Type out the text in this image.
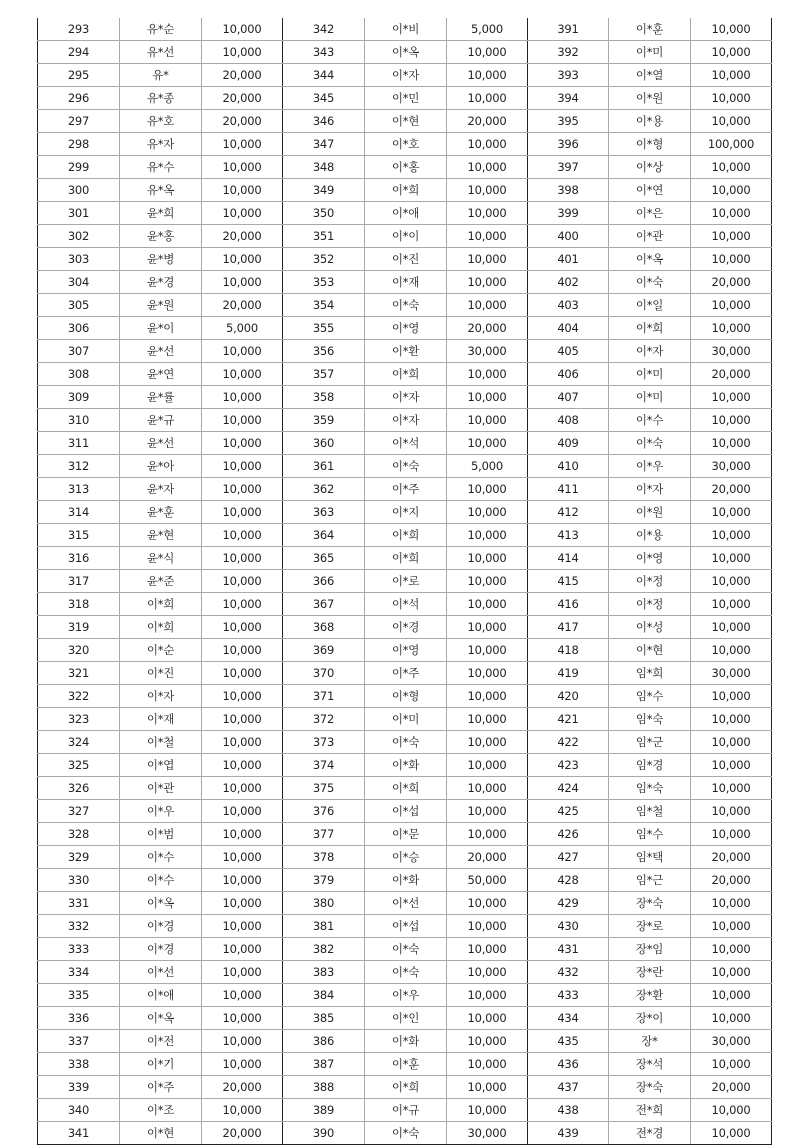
293	유*순	10,000	342	이*비	5,000	391	이*훈	10,000
294	유*선	10,000	343	이*옥	10,000	392	이*미	10,000
295	유*	20,000	344	이*자	10,000	393	이*열	10,000
296	유*종	20,000	345	이*민	10,000	394	이*원	10,000
297	유*호	20,000	346	이*현	20,000	395	이*용	10,000
298	유*자	10,000	347	이*호	10,000	396	이*형	100,000
299	유*수	10,000	348	이*홍	10,000	397	이*상	10,000
300	유*옥	10,000	349	이*희	10,000	398	이*연	10,000
301	윤*희	10,000	350	이*애	10,000	399	이*은	10,000
302	윤*홍	20,000	351	이*이	10,000	400	이*관	10,000
303	윤*병	10,000	352	이*진	10,000	401	이*옥	10,000
304	윤*경	10,000	353	이*재	10,000	402	이*숙	20,000
305	윤*원	20,000	354	이*숙	10,000	403	이*일	10,000
306	윤*이	5,000	355	이*영	20,000	404	이*희	10,000
307	윤*선	10,000	356	이*환	30,000	405	이*자	30,000
308	윤*연	10,000	357	이*희	10,000	406	이*미	20,000
309	윤*률	10,000	358	이*자	10,000	407	이*미	10,000
310	윤*규	10,000	359	이*자	10,000	408	이*수	10,000
311	윤*선	10,000	360	이*석	10,000	409	이*숙	10,000
312	윤*아	10,000	361	이*숙	5,000	410	이*우	30,000
313	윤*자	10,000	362	이*주	10,000	411	이*자	20,000
314	윤*훈	10,000	363	이*지	10,000	412	이*원	10,000
315	윤*현	10,000	364	이*희	10,000	413	이*용	10,000
316	윤*식	10,000	365	이*희	10,000	414	이*영	10,000
317	윤*준	10,000	366	이*로	10,000	415	이*정	10,000
318	이*희	10,000	367	이*석	10,000	416	이*정	10,000
319	이*희	10,000	368	이*경	10,000	417	이*성	10,000
320	이*순	10,000	369	이*영	10,000	418	이*현	10,000
321	이*진	10,000	370	이*주	10,000	419	임*희	30,000
322	이*자	10,000	371	이*형	10,000	420	임*수	10,000
323	이*재	10,000	372	이*미	10,000	421	임*숙	10,000
324	이*철	10,000	373	이*숙	10,000	422	임*군	10,000
325	이*엽	10,000	374	이*화	10,000	423	임*경	10,000
326	이*관	10,000	375	이*희	10,000	424	임*숙	10,000
327	이*우	10,000	376	이*섭	10,000	425	임*철	10,000
328	이*범	10,000	377	이*문	10,000	426	임*수	10,000
329	이*수	10,000	378	이*승	20,000	427	임*택	20,000
330	이*수	10,000	379	이*화	50,000	428	임*근	20,000
331	이*옥	10,000	380	이*선	10,000	429	장*숙	10,000
332	이*경	10,000	381	이*섭	10,000	430	장*로	10,000
333	이*경	10,000	382	이*숙	10,000	431	장*임	10,000
334	이*선	10,000	383	이*숙	10,000	432	장*란	10,000
335	이*애	10,000	384	이*우	10,000	433	장*환	10,000
336	이*옥	10,000	385	이*인	10,000	434	장*이	10,000
337	이*전	10,000	386	이*화	10,000	435	장*	30,000
338	이*기	10,000	387	이*훈	10,000	436	장*석	10,000
339	이*주	20,000	388	이*희	10,000	437	장*숙	20,000
340	이*조	10,000	389	이*규	10,000	438	전*희	10,000
341	이*현	20,000	390	이*숙	30,000	439	전*경	10,000
